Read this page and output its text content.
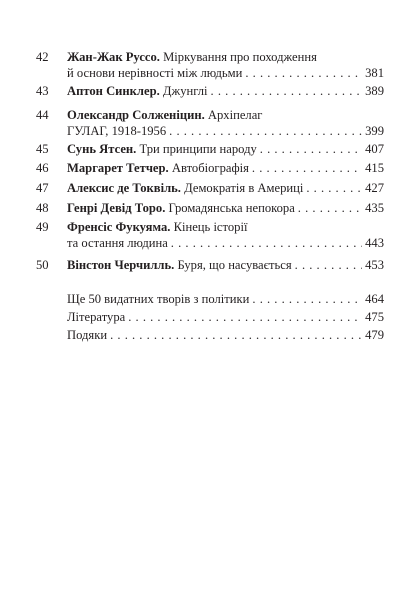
42	Жан-Жак Руссо. Міркування про походження
й основи нерівності між людьми . . .	381
43	Аптон Синклер. Джунглі . . .	389
44	Олександр Солженіцин. Архіпелаг
ГУЛАГ, 1918-1956 . . .	399
45	Сунь Ятсен. Три принципи народу . . .	407
46	Маргарет Тетчер. Автобіографія . . .	415
47	Алексис де Токвіль. Демократія в Америці . . .	427
48	Генрі Девід Торо. Громадянська непокора . . .	435
49	Френсіс Фукуяма. Кінець історії
та остання людина . . .	443
50	Вінстон Черчилль. Буря, що насувається . . .	453
Ще 50 видатних творів з політики . . .	464
Література . . .	475
Подяки . . .	479
